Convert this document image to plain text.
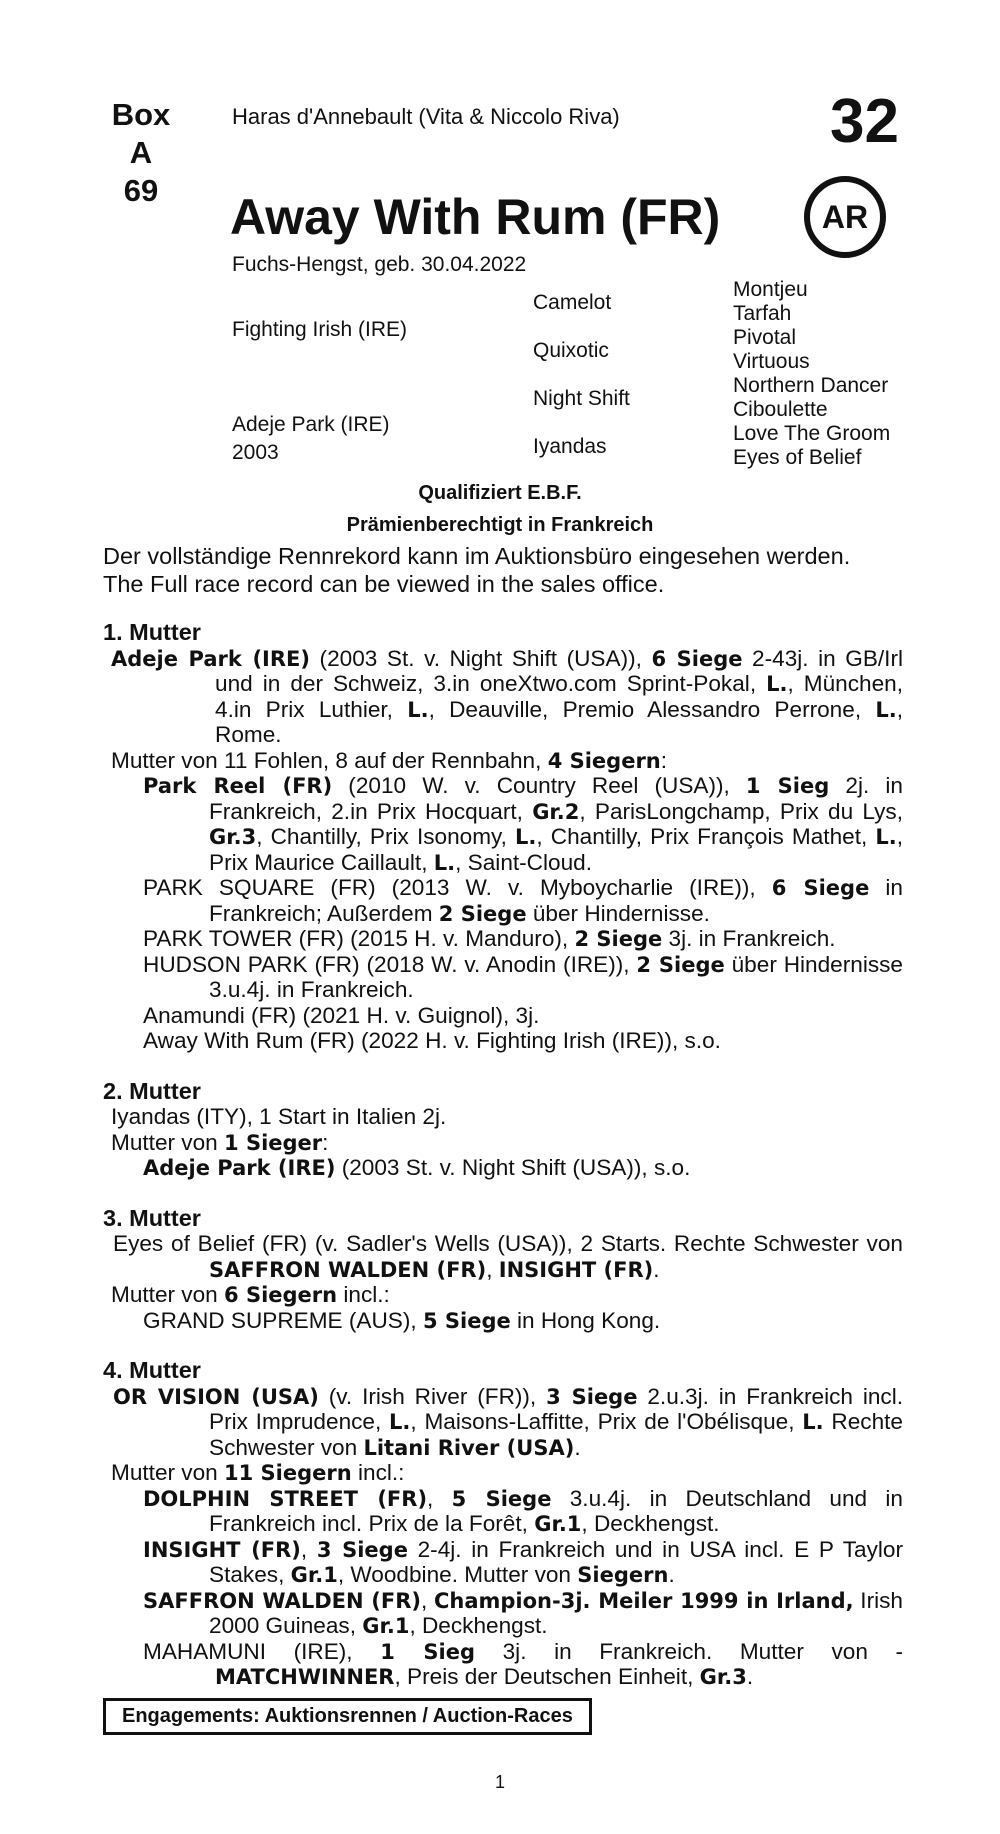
Box
A 69
Haras d'Annebault (Vita & Niccolo Riva)	32
Away With Rum (FR)	AR
Fuchs-Hengst, geb. 30.04.2022
Fighting Irish (IRE)
Adeje Park (IRE)
2003
Camelot
Quixotic
Night Shift
Iyandas
Montjeu
Tarfah
Pivotal
Virtuous
Northern Dancer
Ciboulette
Love The Groom
Eyes of Belief
Qualifiziert E.B.F.
Prämienberechtigt in Frankreich
Der vollständige Rennrekord kann im Auktionsbüro eingesehen werden.
The Full race record can be viewed in the sales office.

1. Mutter

Adeje Park (IRE) (2003 St. v. Night Shift (USA)), 6 Siege 2-43j. in GB/Irl und in der Schweiz, 3.in oneXtwo.com Sprint-Pokal, L., München, 4.in Prix Luthier, L., Deauville, Premio Alessandro Perrone, L., Rome.

Mutter von 11 Fohlen, 8 auf der Rennbahn, 4 Siegern:

Park Reel (FR) (2010 W. v. Country Reel (USA)), 1 Sieg 2j. in Frankreich, 2.in Prix Hocquart, Gr.2, ParisLongchamp, Prix du Lys, Gr.3, Chantilly, Prix Isonomy, L., Chantilly, Prix François Mathet, L., Prix Maurice Caillault, L., Saint-Cloud.

PARK SQUARE (FR) (2013 W. v. Myboycharlie (IRE)), 6 Siege in Frankreich; Außerdem 2 Siege über Hindernisse.

PARK TOWER (FR) (2015 H. v. Manduro), 2 Siege 3j. in Frankreich.

HUDSON PARK (FR) (2018 W. v. Anodin (IRE)), 2 Siege über Hindernisse 3.u.4j. in Frankreich.

Anamundi (FR) (2021 H. v. Guignol), 3j.

Away With Rum (FR) (2022 H. v. Fighting Irish (IRE)), s.o.

2. Mutter

Iyandas (ITY), 1 Start in Italien 2j.

Mutter von 1 Sieger:

Adeje Park (IRE) (2003 St. v. Night Shift (USA)), s.o.

3. Mutter

Eyes of Belief (FR) (v. Sadler's Wells (USA)), 2 Starts. Rechte Schwester von SAFFRON WALDEN (FR), INSIGHT (FR).

Mutter von 6 Siegern incl.:

GRAND SUPREME (AUS), 5 Siege in Hong Kong.

4. Mutter

OR VISION (USA) (v. Irish River (FR)), 3 Siege 2.u.3j. in Frankreich incl. Prix Imprudence, L., Maisons-Laffitte, Prix de l'Obélisque, L. Rechte Schwester von Litani River (USA).

Mutter von 11 Siegern incl.:

DOLPHIN STREET (FR), 5 Siege 3.u.4j. in Deutschland und in Frankreich incl. Prix de la Forêt, Gr.1, Deckhengst.

INSIGHT (FR), 3 Siege 2-4j. in Frankreich und in USA incl. E P Taylor Stakes, Gr.1, Woodbine. Mutter von Siegern.

SAFFRON WALDEN (FR), Champion-3j. Meiler 1999 in Irland, Irish 2000 Guineas, Gr.1, Deckhengst.

MAHAMUNI (IRE), 1 Sieg 3j. in Frankreich. Mutter von - MATCHWINNER, Preis der Deutschen Einheit, Gr.3.

Engagements: Auktionsrennen / Auction-Races
1
